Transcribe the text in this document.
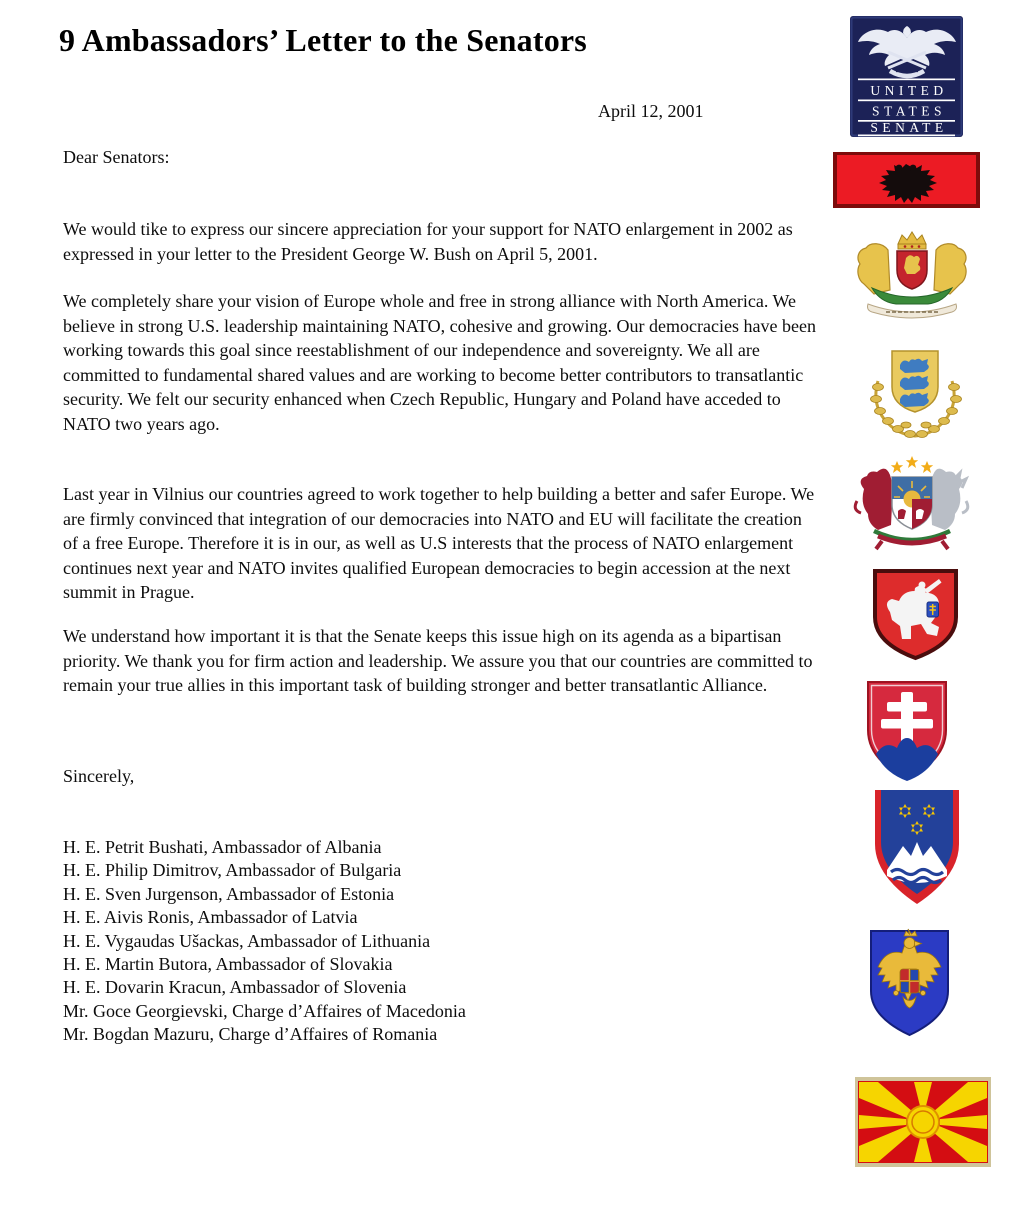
9 Ambassadors’ Letter to the Senators
April 12, 2001
Dear Senators:

We would tike to express our sincere appreciation for your support for NATO enlargement in 2002 as expressed in your letter to the President George W. Bush on April 5, 2001.

We completely share your vision of Europe whole and free in strong alliance with North America. We believe in strong U.S. leadership maintaining NATO, cohesive and growing. Our democracies have been working towards this goal since reestablishment of our independence and sovereignty. We all are committed to fundamental shared values and are working to become better contributors to transatlantic security. We felt our security enhanced when Czech Republic, Hungary and Poland have acceded to NATO two years ago.

Last year in Vilnius our countries agreed to work together to help building a better and safer Europe. We are firmly convinced that integration of our democracies into NATO and EU will facilitate the creation of a free Europe. Therefore it is in our, as well as U.S interests that the process of NATO enlargement continues next year and NATO invites qualified European democracies to begin accession at the next summit in Prague.

We understand how important it is that the Senate keeps this issue high on its agenda as a bipartisan priority. We thank you for firm action and leadership. We assure you that our countries are committed to remain your true allies in this important task of building stronger and better transatlantic Alliance.

Sincerely,
H. E. Petrit Bushati, Ambassador of Albania
H. E. Philip Dimitrov, Ambassador of Bulgaria
H. E. Sven Jurgenson, Ambassador of Estonia
H. E. Aivis Ronis, Ambassador of Latvia
H. E. Vygaudas Ušackas, Ambassador of Lithuania
H. E. Martin Butora, Ambassador of Slovakia
H. E. Dovarin Kracun, Ambassador of Slovenia
Mr. Goce Georgievski, Charge d’Affaires of Macedonia
Mr. Bogdan Mazuru, Charge d’Affaires of Romania
UNITED
STATES
SENATE
